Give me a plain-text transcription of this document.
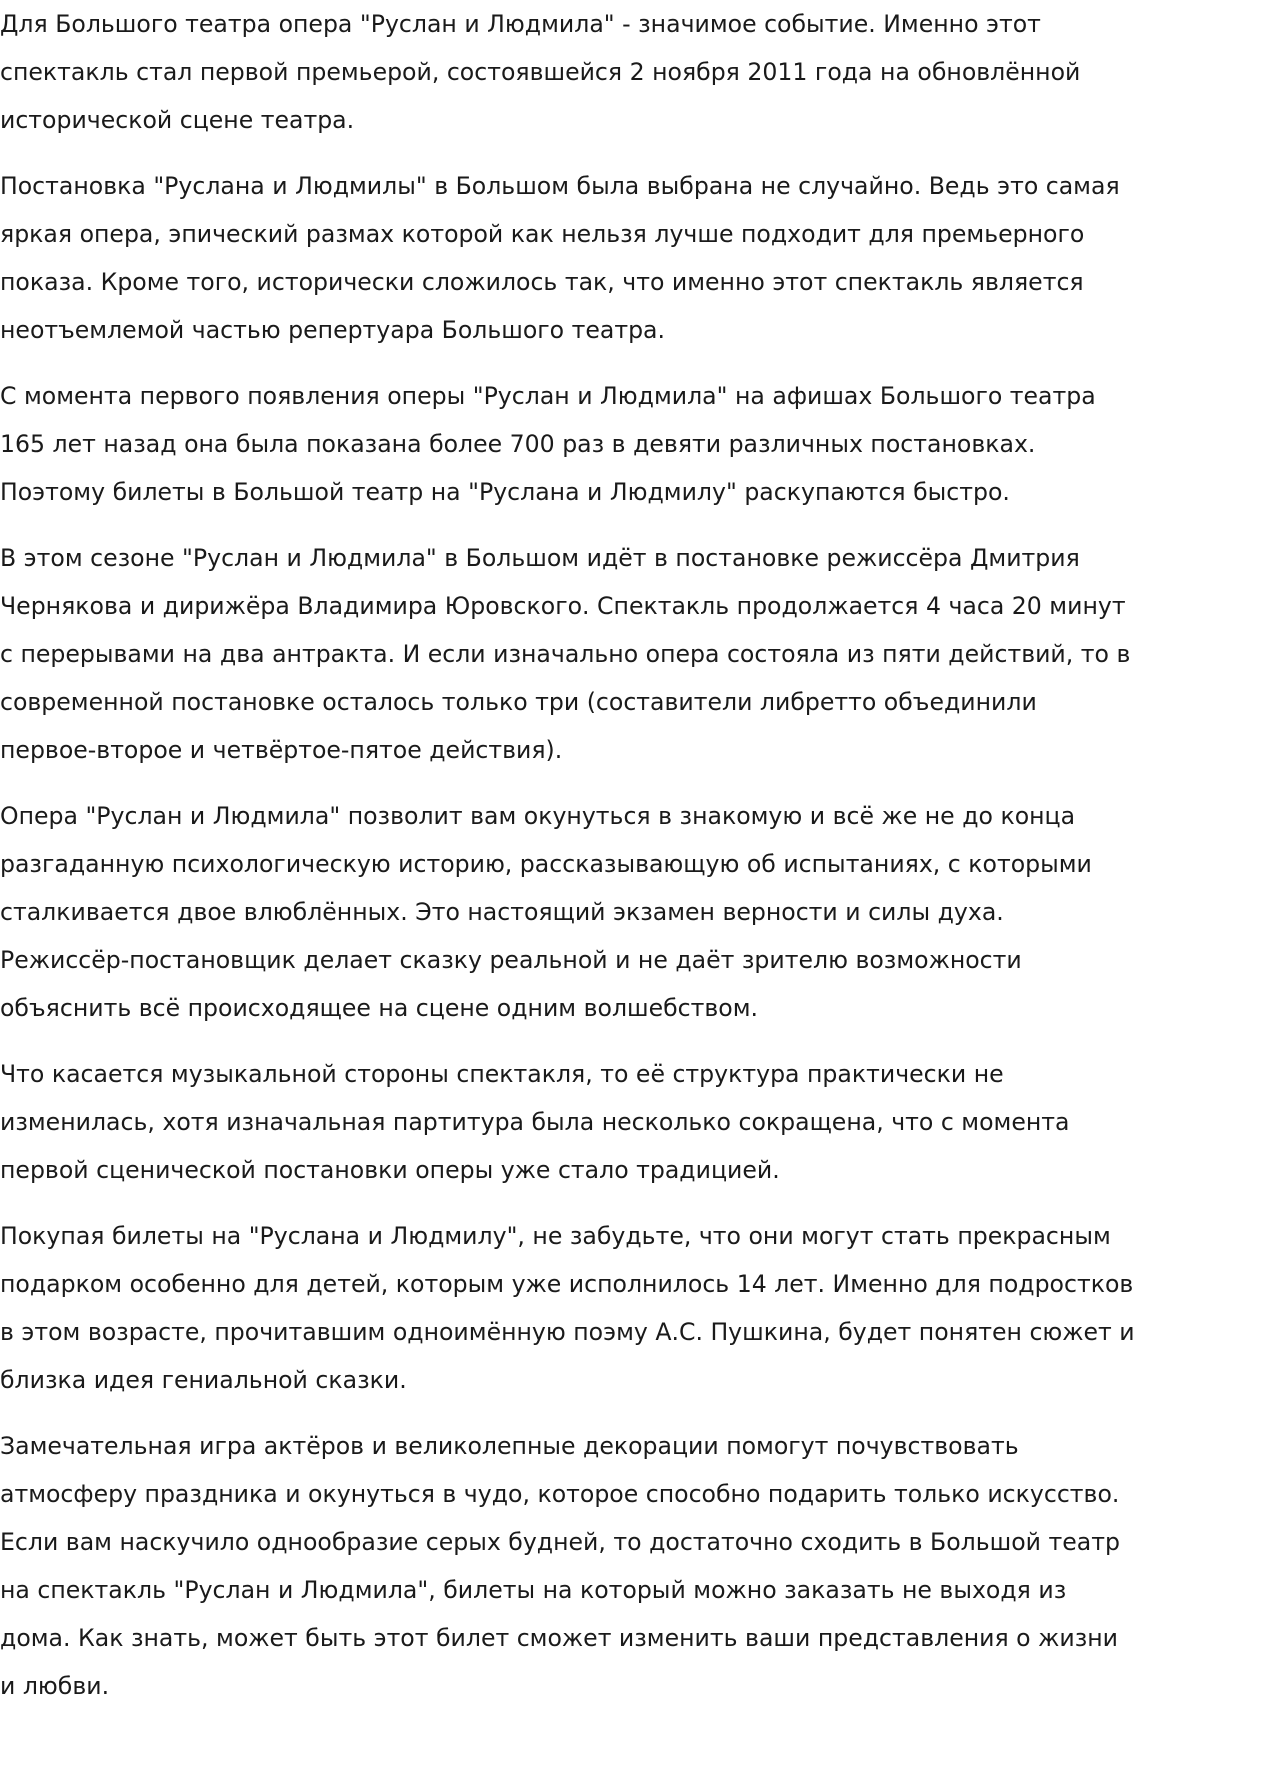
Для Большого театра опера "Руслан и Людмила" - значимое событие. Именно этот спектакль стал первой премьерой, состоявшейся 2 ноября 2011 года на обновлённой исторической сцене театра.

Постановка "Руслана и Людмилы" в Большом была выбрана не случайно. Ведь это самая яркая опера, эпический размах которой как нельзя лучше подходит для премьерного показа. Кроме того, исторически сложилось так, что именно этот спектакль является неотъемлемой частью репертуара Большого театра.

С момента первого появления оперы "Руслан и Людмила" на афишах Большого театра 165 лет назад она была показана более 700 раз в девяти различных постановках. Поэтому билеты в Большой театр на "Руслана и Людмилу" раскупаются быстро.

В этом сезоне "Руслан и Людмила" в Большом идёт в постановке режиссёра Дмитрия Чернякова и дирижёра Владимира Юровского. Спектакль продолжается 4 часа 20 минут с перерывами на два антракта. И если изначально опера состояла из пяти действий, то в современной постановке осталось только три (составители либретто объединили первое-второе и четвёртое-пятое действия).

Опера "Руслан и Людмила" позволит вам окунуться в знакомую и всё же не до конца разгаданную психологическую историю, рассказывающую об испытаниях, с которыми сталкивается двое влюблённых. Это настоящий экзамен верности и силы духа. Режиссёр-постановщик делает сказку реальной и не даёт зрителю возможности объяснить всё происходящее на сцене одним волшебством.

Что касается музыкальной стороны спектакля, то её структура практически не изменилась, хотя изначальная партитура была несколько сокращена, что с момента первой сценической постановки оперы уже стало традицией.

Покупая билеты на "Руслана и Людмилу", не забудьте, что они могут стать прекрасным подарком особенно для детей, которым уже исполнилось 14 лет. Именно для подростков в этом возрасте, прочитавшим одноимённую поэму А.С. Пушкина, будет понятен сюжет и близка идея гениальной сказки.

Замечательная игра актёров и великолепные декорации помогут почувствовать атмосферу праздника и окунуться в чудо, которое способно подарить только искусство. Если вам наскучило однообразие серых будней, то достаточно сходить в Большой театр на спектакль "Руслан и Людмила", билеты на который можно заказать не выходя из дома. Как знать, может быть этот билет сможет изменить ваши представления о жизни и любви.
